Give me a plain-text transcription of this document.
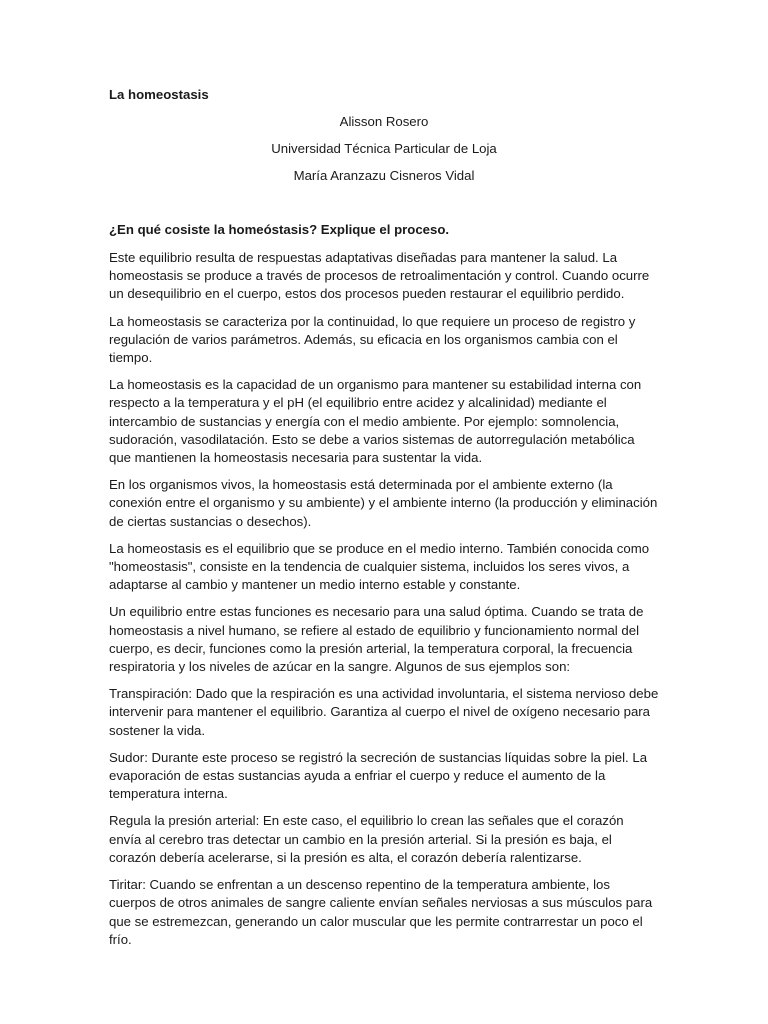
La homeostasis

Alisson Rosero

Universidad Técnica Particular de Loja

María Aranzazu Cisneros Vidal

¿En qué cosiste la homeóstasis? Explique el proceso.

Este equilibrio resulta de respuestas adaptativas diseñadas para mantener la salud. La homeostasis se produce a través de procesos de retroalimentación y control. Cuando ocurre un desequilibrio en el cuerpo, estos dos procesos pueden restaurar el equilibrio perdido.

La homeostasis se caracteriza por la continuidad, lo que requiere un proceso de registro y regulación de varios parámetros. Además, su eficacia en los organismos cambia con el tiempo.

La homeostasis es la capacidad de un organismo para mantener su estabilidad interna con respecto a la temperatura y el pH (el equilibrio entre acidez y alcalinidad) mediante el intercambio de sustancias y energía con el medio ambiente. Por ejemplo: somnolencia, sudoración, vasodilatación. Esto se debe a varios sistemas de autorregulación metabólica que mantienen la homeostasis necesaria para sustentar la vida.

En los organismos vivos, la homeostasis está determinada por el ambiente externo (la conexión entre el organismo y su ambiente) y el ambiente interno (la producción y eliminación de ciertas sustancias o desechos).

La homeostasis es el equilibrio que se produce en el medio interno. También conocida como "homeostasis", consiste en la tendencia de cualquier sistema, incluidos los seres vivos, a adaptarse al cambio y mantener un medio interno estable y constante.

Un equilibrio entre estas funciones es necesario para una salud óptima. Cuando se trata de homeostasis a nivel humano, se refiere al estado de equilibrio y funcionamiento normal del cuerpo, es decir, funciones como la presión arterial, la temperatura corporal, la frecuencia respiratoria y los niveles de azúcar en la sangre. Algunos de sus ejemplos son:

Transpiración: Dado que la respiración es una actividad involuntaria, el sistema nervioso debe intervenir para mantener el equilibrio. Garantiza al cuerpo el nivel de oxígeno necesario para sostener la vida.

Sudor: Durante este proceso se registró la secreción de sustancias líquidas sobre la piel. La evaporación de estas sustancias ayuda a enfriar el cuerpo y reduce el aumento de la temperatura interna.

Regula la presión arterial: En este caso, el equilibrio lo crean las señales que el corazón envía al cerebro tras detectar un cambio en la presión arterial. Si la presión es baja, el corazón debería acelerarse, si la presión es alta, el corazón debería ralentizarse.

Tiritar: Cuando se enfrentan a un descenso repentino de la temperatura ambiente, los cuerpos de otros animales de sangre caliente envían señales nerviosas a sus músculos para que se estremezcan, generando un calor muscular que les permite contrarrestar un poco el frío.
